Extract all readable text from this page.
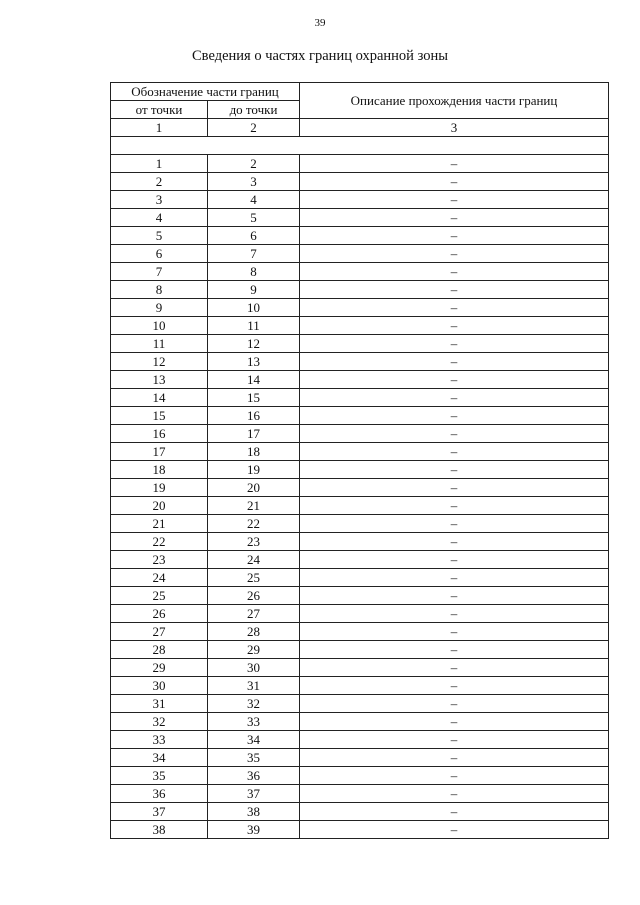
39
Сведения о частях границ охранной зоны
Обозначение части границ		Описание прохождения части границ
от точки	до точки	
1	2	3

1	2	–
2	3	–
3	4	–
4	5	–
5	6	–
6	7	–
7	8	–
8	9	–
9	10	–
10	11	–
11	12	–
12	13	–
13	14	–
14	15	–
15	16	–
16	17	–
17	18	–
18	19	–
19	20	–
20	21	–
21	22	–
22	23	–
23	24	–
24	25	–
25	26	–
26	27	–
27	28	–
28	29	–
29	30	–
30	31	–
31	32	–
32	33	–
33	34	–
34	35	–
35	36	–
36	37	–
37	38	–
38	39	–
